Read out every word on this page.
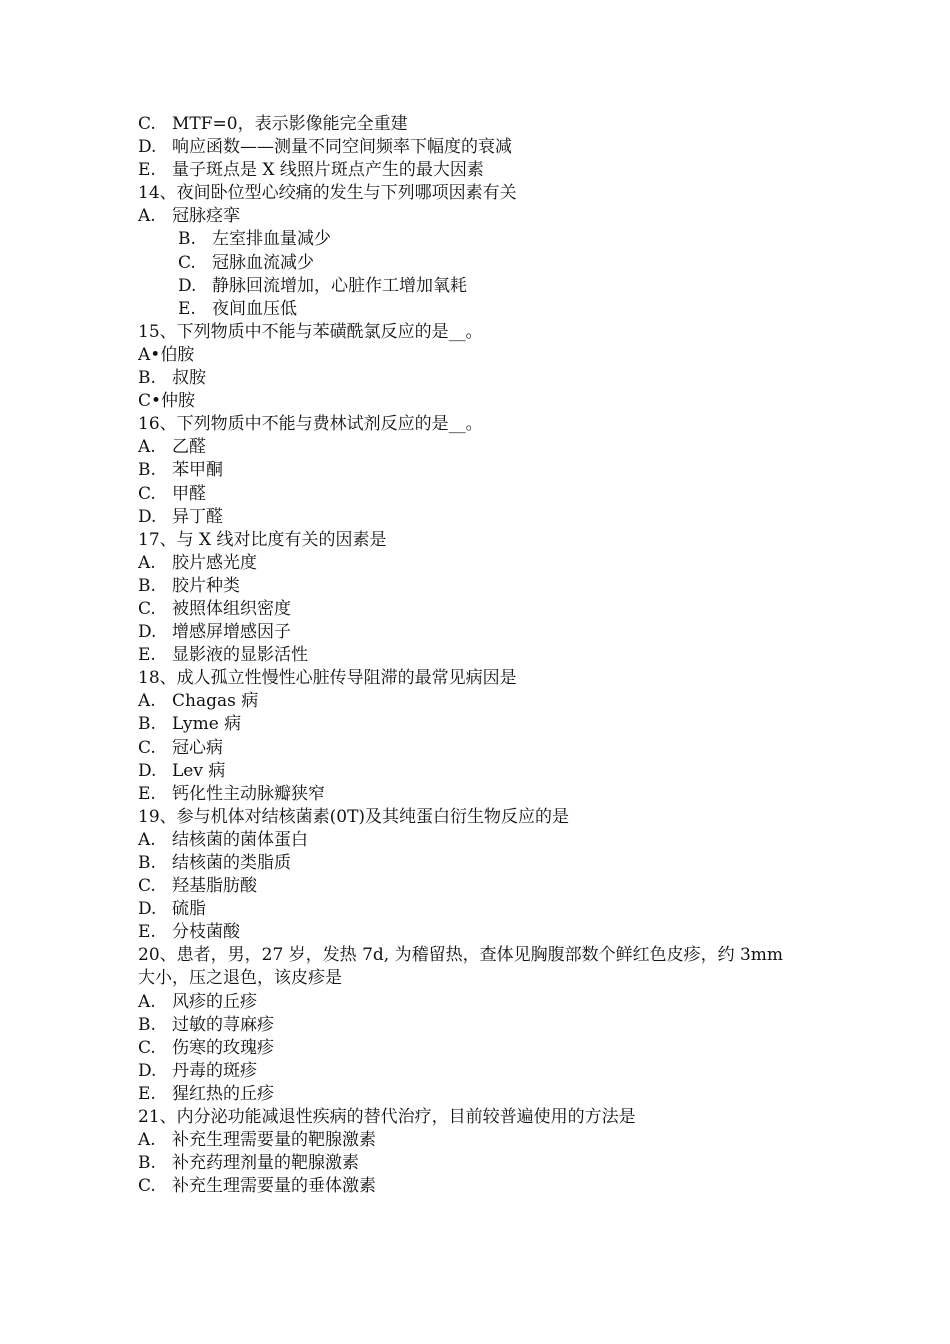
C. MTF=0，表示影像能完全重建
D. 响应函数——测量不同空间频率下幅度的衰减
E. 量子斑点是 X 线照片斑点产生的最大因素
14、夜间卧位型心绞痛的发生与下列哪项因素有关
A. 冠脉痉挛
B. 左室排血量减少
C. 冠脉血流减少
D. 静脉回流增加，心脏作工增加氧耗
E. 夜间血压低
15、下列物质中不能与苯磺酰氯反应的是__。
A•伯胺
B. 叔胺
C•仲胺
16、下列物质中不能与费林试剂反应的是__。
A. 乙醛
B. 苯甲酮
C. 甲醛
D. 异丁醛
17、与 X 线对比度有关的因素是
A. 胶片感光度
B. 胶片种类
C. 被照体组织密度
D. 增感屏增感因子
E. 显影液的显影活性
18、成人孤立性慢性心脏传导阻滞的最常见病因是
A. Chagas 病
B. Lyme 病
C. 冠心病
D. Lev 病
E. 钙化性主动脉瓣狭窄
19、参与机体对结核菌素(0T)及其纯蛋白衍生物反应的是
A. 结核菌的菌体蛋白
B. 结核菌的类脂质
C. 羟基脂肪酸
D. 硫脂
E. 分枝菌酸
20、患者，男，27 岁，发热 7d, 为稽留热，查体见胸腹部数个鲜红色皮疹，约 3mm 大小，压之退色，该皮疹是
A. 风疹的丘疹
B. 过敏的荨麻疹
C. 伤寒的玫瑰疹
D. 丹毒的斑疹
E. 猩红热的丘疹
21、内分泌功能减退性疾病的替代治疗，目前较普遍使用的方法是
A. 补充生理需要量的靶腺激素
B. 补充药理剂量的靶腺激素
C. 补充生理需要量的垂体激素
